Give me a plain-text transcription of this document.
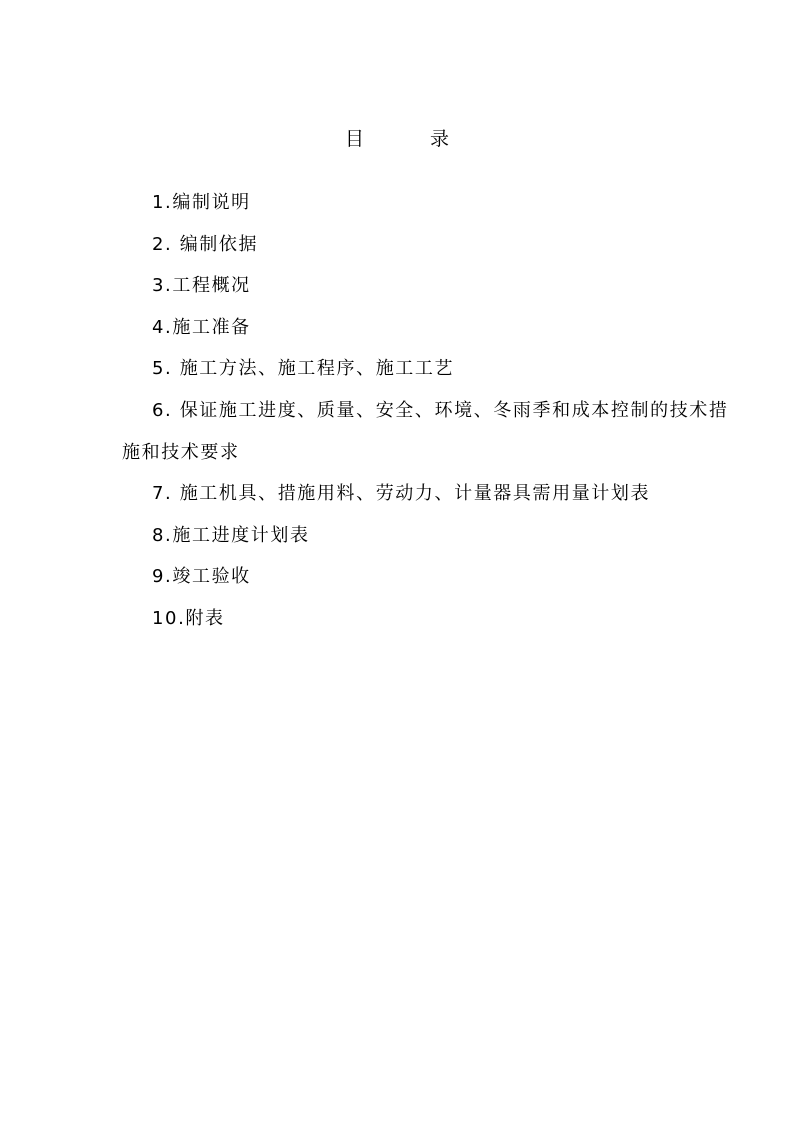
目 录
1.编制说明
2. 编制依据
3.工程概况
4.施工准备
5. 施工方法、施工程序、施工工艺
6. 保证施工进度、质量、安全、环境、冬雨季和成本控制的技术措施和技术要求
7. 施工机具、措施用料、劳动力、计量器具需用量计划表
8.施工进度计划表
9.竣工验收
10.附表
